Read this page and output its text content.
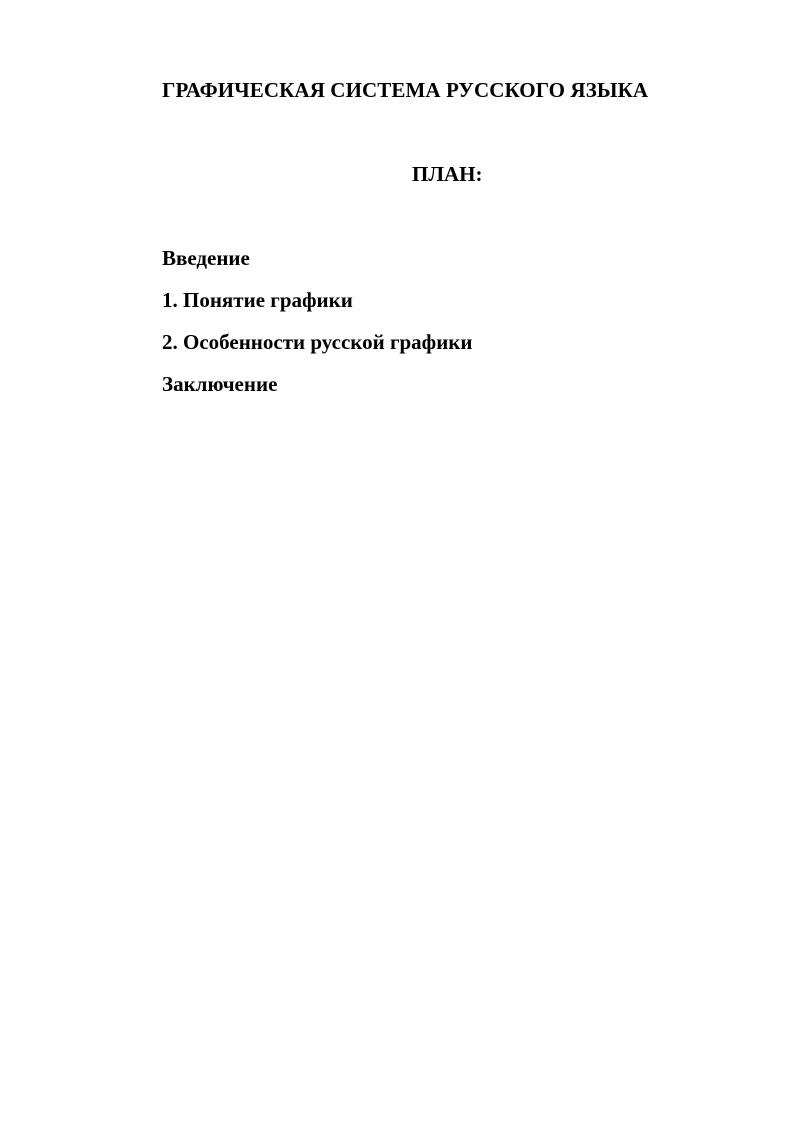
ГРАФИЧЕСКАЯ СИСТЕМА РУССКОГО ЯЗЫКА
ПЛАН:
Введение
1. Понятие графики
2. Особенности русской графики
Заключение
